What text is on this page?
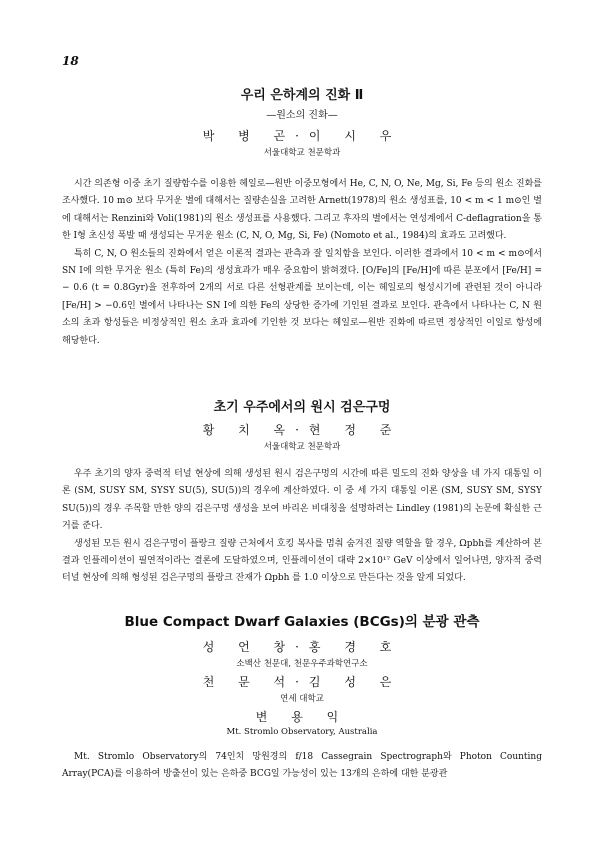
18
우리 은하계의 진화 Ⅱ
—원소의 진화—
박 병 곤·이 시 우
서울대학교 천문학과

시간 의존형 이중 초기 질량함수를 이용한 헤일로—원반 이중모형에서 He, C, N, O, Ne, Mg, Si, Fe 등의 원소 진화를 조사했다. 10 m⊙ 보다 무거운 별에 대해서는 질량손실을 고려한 Arnett(1978)의 원소 생성표를, 10 < m < 1 m⊙인 별에 대해서는 Renzini와 Voli(1981)의 원소 생성표를 사용했다. 그리고 후자의 별에서는 연성계에서 C-deflagration을 통한 Ⅰ형 초신성 폭발 때 생성되는 무거운 원소 (C, N, O, Mg, Si, Fe) (Nomoto et al., 1984)의 효과도 고려했다.

특히 C, N, O 원소들의 진화에서 얻은 이론적 결과는 관측과 잘 일치함을 보인다. 이러한 결과에서 10 < m < m⊙에서 SN Ⅰ에 의한 무거운 원소 (특히 Fe)의 생성효과가 매우 중요함이 밝혀졌다. [O/Fe]의 [Fe/H]에 따른 분포에서 [Fe/H] = − 0.6 (t = 0.8Gyr)을 전후하여 2개의 서로 다른 선형관계를 보이는데, 이는 헤일로의 형성시기에 관련된 것이 아니라 [Fe/H] > −0.6인 별에서 나타나는 SN Ⅰ에 의한 Fe의 상당한 증가에 기인된 결과로 보인다. 관측에서 나타나는 C, N 원소의 초과 항성들은 비정상적인 원소 초과 효과에 기인한 것 보다는 헤일로—원반 진화에 따르면 정상적인 이일로 항성에 해당한다.

초기 우주에서의 원시 검은구멍
황 치 옥·현 정 준
서울대학교 천문학과

우주 초기의 양자 중력적 터널 현상에 의해 생성된 원시 검은구멍의 시간에 따른 밀도의 진화 양상을 네 가지 대통일 이론 (SM, SUSY SM, SYSY SU(5), SU(5))의 경우에 계산하였다. 이 중 세 가지 대통일 이론 (SM, SUSY SM, SYSY SU(5))의 경우 주목할 만한 양의 검은구멍 생성을 보여 바리온 비대칭을 설명하려는 Lindley (1981)의 논문에 확실한 근거를 준다.

생성된 모든 원시 검은구멍이 플랑크 질량 근처에서 호킹 복사를 멈춰 숨겨진 질량 역할을 할 경우, Ωpbh를 계산하여 본 결과 인플레이션이 필연적이라는 결론에 도달하였으며, 인플레이션이 대략 2×10¹⁷ GeV 이상에서 일어나면, 양자적 중력 터널 현상에 의해 형성된 검은구멍의 플랑크 잔재가 Ωpbh 를 1.0 이상으로 만든다는 것을 알게 되었다.

Blue Compact Dwarf Galaxies (BCGs)의 분광 관측
성 언 창·홍 경 호
소백산 천문대, 천문우주과학연구소
천 문 석·김 성 은
연세 대학교
변 용 익
Mt. Stromlo Observatory, Australia

Mt. Stromlo Observatory의 74인치 망원경의 f/18 Cassegrain Spectrograph와 Photon Counting Array(PCA)를 이용하여 방출선이 있는 은하중 BCG일 가능성이 있는 13개의 은하에 대한 분광관
